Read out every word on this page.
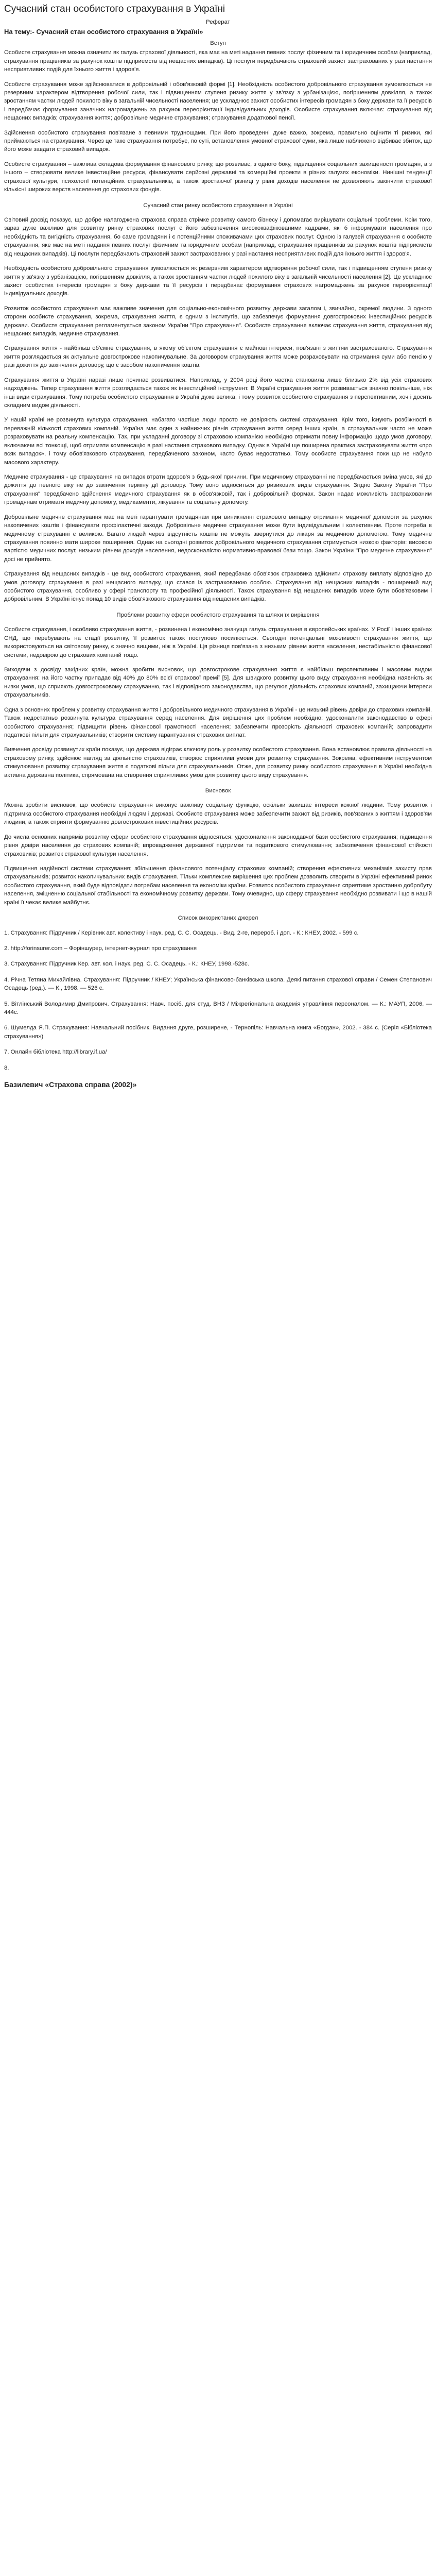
Сучасний стан особистого страхування в Україні
Реферат
На тему:- Сучасний стан особистого страхування в Україні»
Вступ

Особисте страхування можна означити як галузь страхової діяльності, яка має на меті надання певних послуг фізичним та і юридичним особам (наприклад, страхування працівників за рахунок коштів підприємств від нещасних випадків). Ці послуги передбачають страховий захист застрахованих у разі настання несприятливих подій для їхнього життя і здоров'я.

Особисте страхування може здійснюватися в добровільній і обов'язковій формі [1]. Необхідність особистого добровільного страхування зумовлюється не резервним характером відтворення робочої сили, так і підвищенням ступеня ризику життя у зв'язку з урбанізацією, погіршенням довкілля, а також зростанням частки людей похилого віку в загальній чисельності населення; це ускладнює захист особистих інтересів громадян з боку держави та її ресурсів і передбачає формування заначних нагромаджень за рахунок переорієнтації індивідуальних доходів. Особисте страхування включає: страхування від нещасних випадків; страхування життя; добровільне медичне страхування; страхування додаткової пенсії.

Здійснення особистого страхування пов'язане з певними труднощами. При його проведенні дуже важко, зокрема, правильно оцінити ті ризики, які приймаються на страхування. Через це таке страхування потребує, по суті, встановлення умовної страхової суми, яка лише наближено відбиває збиток, що його може завдати страховий випадок.

Особисте страхування – важлива складова формування фінансового ринку, що розвиває, з одного боку, підвищення соціальних захищеності громадян, а з іншого – створювати велике інвестиційне ресурси, фінансувати серйозні державні та комерційні проекти в різних галузях економіки. Нинішні тенденції страхової культури, психології потенційних страхувальників, а також зростаючої різниці у рівні доходів населення не дозволяють закінчити страхової кількісні широких верств населення до страхових фондів.

Сучасний стан ринку особистого страхування в Україні

Світовий досвід показує, що добре налагоджена страхова справа стрімке розвитку самого бізнесу і допомагає вирішувати соціальні проблеми. Крім того, зараз дуже важливо для розвитку ринку страхових послуг є його забезпечення висококвафікованими кадрами, які б інформувати населення про необхідність та вигідність страхування, бо саме громадяни і є потенційними споживачами цих страхових послуг. Одною із галузей страхування є особисте страхування, яке має на меті надання певних послуг фізичним та юридичним особам (наприклад, страхування працівників за рахунок коштів підприємств від нещасних випадків). Ці послуги передбачають страховий захист застрахованих у разі настання несприятливих подій для їхнього життя і здоров'я.

Необхідність особистого добровільного страхування зумовлюється як резервним характером відтворення робочої сили, так і підвищенням ступеня ризику життя у зв'язку з урбанізацією, погіршенням довкілля, а також зростанням частки людей похилого віку в загальній чисельності населення [2]. Це ускладнює захист особистих інтересів громадян з боку держави та її ресурсів і передбачає формування страхових нагромаджень за рахунок переорієнтації індивідуальних доходів.

Розвиток особистого страхування має важливе значення для соціально-економічного розвитку держави загалом і, звичайно, окремої людини. З одного сторони особисте страхування, зокрема, страхування життя, є одним з інститутів, що забезпечує формування довгострокових інвестиційних ресурсів держави. Особисте страхування регламентується законом України "Про страхування". Особисте страхування включає страхування життя, страхування від нещасних випадків, медичне страхування.

Страхування життя - найбільш об'ємне страхування, в якому об'єктом страхування є майнові інтереси, пов'язані з життям застрахованого. Страхування життя розглядається як актуальне довгострокове накопичувальне. За договором страхування життя може розраховувати на отримання суми або пенсію у разі дожиття до закінчення договору, що є засобом накопичення коштів.

Страхування життя в Україні наразі лише починає розвиватися. Наприклад, у 2004 році його частка становила лише близько 2% від усіх страхових надходжень. Тепер страхування життя розглядається також як інвестиційний інструмент. В Україні страхування життя розвивається значно повільніше, ніж інші види страхування. Тому потреба особистого страхування в Україні дуже велика, і тому розвиток особистого страхування з перспективним, хоч і досить складним видом діяльності.

У нашій країні не розвинута культура страхування, набагато частіше люди просто не довіряють системі страхування. Крім того, існують розбіжності в переважній кількості страхових компаній. Україна має один з найнижчих рівнів страхування життя серед інших країн, а страхувальник часто не може розраховувати на реальну компенсацію. Так, при укладанні договору зі страховою компанією необхідно отримати повну інформацію щодо умов договору, включаючи всі тонкощі, щоб отримати компенсацію в разі настання страхового випадку. Однак в Україні ще поширена практика застраховувати життя «про всяк випадок», і тому обов'язкового страхування, передбаченого законом, часто буває недостатньо. Тому особисте страхування поки що не набуло масового характеру.

Медичне страхування - це страхування на випадок втрати здоров'я з будь-якої причини. При медичному страхуванні не передбачається зміна умов, які до дожиття до певного віку не до закінчення терміну дії договору. Тому воно відноситься до ризикових видів страхування. Згідно Закону України "Про страхування" передбачено здійснення медичного страхування як в обов'язковій, так і добровільній формах. Закон надає можливість застрахованим громадянам отримати медичну допомогу, медикаменти, лікування та соціальну допомогу.

Добровільне медичне страхування має на меті гарантувати громадянам при виникненні страхового випадку отримання медичної допомоги за рахунок накопичених коштів і фінансувати профілактичні заходи. Добровільне медичне страхування може бути індивідуальним і колективним. Проте потреба в медичному страхуванні є великою. Багато людей через відсутність коштів не можуть звернутися до лікаря за медичною допомогою. Тому медичне страхування повинно мати широке поширення. Однак на сьогодні розвиток добровільного медичного страхування стримується низкою факторів: високою вартістю медичних послуг, низьким рівнем доходів населення, недосконалістю нормативно-правової бази тощо. Закон України "Про медичне страхування" досі не прийнято.

Страхування від нещасних випадків - це вид особистого страхування, який передбачає обов'язок страховика здійснити страхову виплату відповідно до умов договору страхування в разі нещасного випадку, що стався із застрахованою особою. Страхування від нещасних випадків - поширений вид особистого страхування, особливо у сфері транспорту та професійної діяльності. Також страхування від нещасних випадків може бути обов'язковим і добровільним. В Україні існує понад 10 видів обов'язкового страхування від нещасних випадків.

Проблеми розвитку сфери особистого страхування та шляхи їх вирішення

Особисте страхування, і особливо страхування життя, - розвинена і економічно значуща галузь страхування в європейських країнах. У Росії і інших країнах СНД, що перебувають на стадії розвитку, її розвиток також поступово посилюється. Сьогодні потенціальні можливості страхування життя, що використовуються на світовому ринку, є значно вищими, ніж в Україні. Ця різниця пов'язана з низьким рівнем життя населення, нестабільністю фінансової системи, недовірою до страхових компаній тощо.

Виходячи з досвіду західних країн, можна зробити висновок, що довгострокове страхування життя є найбільш перспективним і масовим видом страхування: на його частку припадає від 40% до 80% всієї страхової премії [5]. Для швидкого розвитку цього виду страхування необхідна наявність як низки умов, що сприяють довгостроковому страхуванню, так і відповідного законодавства, що регулює діяльність страхових компаній, захищаючи інтереси страхувальників.

Одна з основних проблем у розвитку страхування життя і добровільного медичного страхування в Україні - це низький рівень довіри до страхових компаній. Також недостатньо розвинута культура страхування серед населення. Для вирішення цих проблем необхідно: удосконалити законодавство в сфері особистого страхування; підвищити рівень фінансової грамотності населення; забезпечити прозорість діяльності страхових компаній; запровадити податкові пільги для страхувальників; створити систему гарантування страхових виплат.

Вивчення досвіду розвинутих країн показує, що держава відіграє ключову роль у розвитку особистого страхування. Вона встановлює правила діяльності на страховому ринку, здійснює нагляд за діяльністю страховиків, створює сприятливі умови для розвитку страхування. Зокрема, ефективним інструментом стимулювання розвитку страхування життя є податкові пільги для страхувальників. Отже, для розвитку ринку особистого страхування в Україні необхідна активна державна політика, спрямована на створення сприятливих умов для розвитку цього виду страхування.

Висновок

Можна зробити висновок, що особисте страхування виконує важливу соціальну функцію, оскільки захищає інтереси кожної людини. Тому розвиток і підтримка особистого страхування необхідні людям і державі. Особисте страхування може забезпечити захист від ризиків, пов'язаних з життям і здоров'ям людини, а також сприяти формуванню довгострокових інвестиційних ресурсів.

До числа основних напрямів розвитку сфери особистого страхування відносяться: удосконалення законодавчої бази особистого страхування; підвищення рівня довіри населення до страхових компаній; впровадження державної підтримки та податкового стимулювання; забезпечення фінансової стійкості страховиків; розвиток страхової культури населення.

Підвищення надійності системи страхування; збільшення фінансового потенціалу страхових компаній; створення ефективних механізмів захисту прав страхувальників; розвиток накопичувальних видів страхування. Тільки комплексне вирішення цих проблем дозволить створити в Україні ефективний ринок особистого страхування, який буде відповідати потребам населення та економіки країни. Розвиток особистого страхування сприятиме зростанню добробуту населення, зміцненню соціальної стабільності та економічному розвитку держави. Тому очевидно, що сферу страхування необхідно розвивати і що в нашій країні її чекає велике майбутнє.

Список використаних джерел
1. Страхування: Підручник / Керівник авт. колективу і наук. ред. С. С. Осадець. - Вид. 2-ге, перероб. і доп. - К.: КНЕУ, 2002. - 599 с.
2. http://forinsurer.com – Форіншурер, інтернет-журнал про страхування
3. Страхування: Підручник Кер. авт. кол. і наук. ред. С. С. Осадець. - К.: КНЕУ, 1998.-528с.
4. Річна Тетяна Михайлівна. Страхування: Підручник / КНЕУ; Українська фінансово-банківська школа. Деякі питання страхової справи / Семен Степанович Осадець (ред.). — К., 1998. — 526 с.
5. Вітлінський Володимир Дмитрович. Страхування: Навч. посіб. для студ. ВНЗ / Міжрегіональна академія управління персоналом. — К.: МАУП, 2006. — 444с.
6. Шумелда Я.П. Страхування: Навчальний посібник. Видання друге, розширене, - Тернопіль: Навчальна книга «Богдан», 2002. - 384 с. (Серія «Бібліотека страхування»)
7. Онлайн бібліотека http://library.if.ua/
8.
Базилевич «Страхова справа (2002)»
